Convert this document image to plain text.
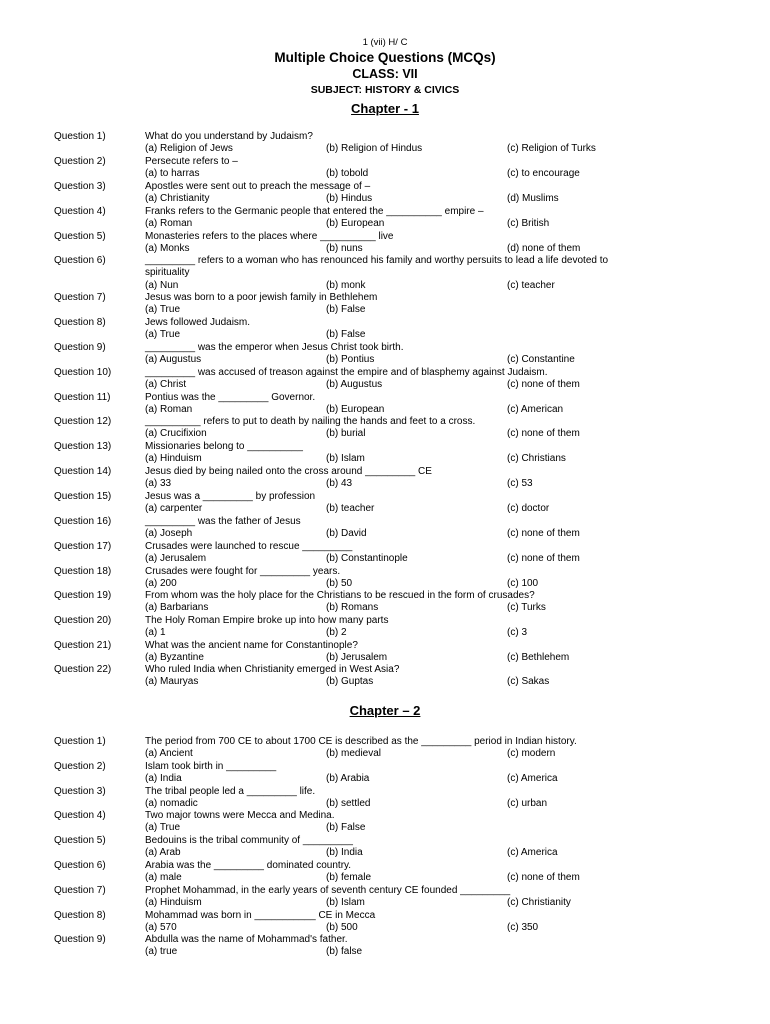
1 (vii) H/ C
Multiple Choice Questions (MCQs)
CLASS: VII
SUBJECT: HISTORY & CIVICS
Chapter - 1
Question 1)	What do you understand by Judaism?
(a) Religion of Jews	(b) Religion of Hindus	(c) Religion of Turks
Question 2)	Persecute refers to –
(a) to harras	(b) tobold	(c) to encourage
Question 3)	Apostles were sent out to preach the message of –
(a) Christianity	(b) Hindus	(d) Muslims
Question 4)	Franks refers to the Germanic people that entered the __________ empire –
(a) Roman	(b) European	(c) British
Question 5)	Monasteries refers to the places where __________ live
(a) Monks	(b) nuns	(d) none of them
Question 6)	_________ refers to a woman who has renounced his family and worthy persuits to lead a life devoted to spirituality
(a) Nun	(b) monk	(c) teacher
Question 7)	Jesus was born to a poor jewish family in Bethlehem
(a) True	(b) False
Question 8)	Jews followed Judaism.
(a) True	(b) False
Question 9)	_________ was the emperor when Jesus Christ took birth.
(a) Augustus	(b) Pontius	(c) Constantine
Question 10)	_________ was accused of treason against the empire and of blasphemy against Judaism.
(a) Christ	(b) Augustus	(c) none of them
Question 11)	Pontius was the _________ Governor.
(a) Roman	(b) European	(c) American
Question 12)	__________ refers to put to death by nailing the hands and feet to a cross.
(a) Crucifixion	(b) burial	(c) none of them
Question 13)	Missionaries belong to __________
(a) Hinduism	(b) Islam	(c) Christians
Question 14)	Jesus died by being nailed onto the cross around _________ CE
(a) 33	(b) 43	(c) 53
Question 15)	Jesus was a _________ by profession
(a) carpenter	(b) teacher	(c) doctor
Question 16)	_________ was the father of Jesus
(a) Joseph	(b) David	(c) none of them
Question 17)	Crusades were launched to rescue _________
(a) Jerusalem	(b) Constantinople	(c) none of them
Question 18)	Crusades were fought for _________ years.
(a) 200	(b) 50	(c) 100
Question 19)	From whom was the holy place for the Christians to be rescued in the form of crusades?
(a) Barbarians	(b) Romans	(c) Turks
Question 20)	The Holy Roman Empire broke up into how many parts
(a) 1	(b) 2	(c) 3
Question 21)	What was the ancient name for Constantinople?
(a) Byzantine	(b) Jerusalem	(c) Bethlehem
Question 22)	Who ruled India when Christianity emerged in West Asia?
(a) Mauryas	(b) Guptas	(c) Sakas
Chapter – 2
Question 1)	The period from 700 CE to about 1700 CE is described as the _________ period in Indian history.
(a) Ancient	(b) medieval	(c) modern
Question 2)	Islam took birth in _________
(a) India	(b) Arabia	(c) America
Question 3)	The tribal people led a _________ life.
(a) nomadic	(b) settled	(c) urban
Question 4)	Two major towns were Mecca and Medina.
(a) True	(b) False
Question 5)	Bedouins is the tribal community of _________
(a) Arab	(b) India	(c) America
Question 6)	Arabia was the _________ dominated country.
(a) male	(b) female	(c) none of them
Question 7)	Prophet Mohammad, in the early years of seventh century CE founded _________
(a) Hinduism	(b) Islam	(c) Christianity
Question 8)	Mohammad was born in ___________ CE in Mecca
(a) 570	(b) 500	(c) 350
Question 9)	Abdulla was the name of Mohammad's father.
(a) true	(b) false
